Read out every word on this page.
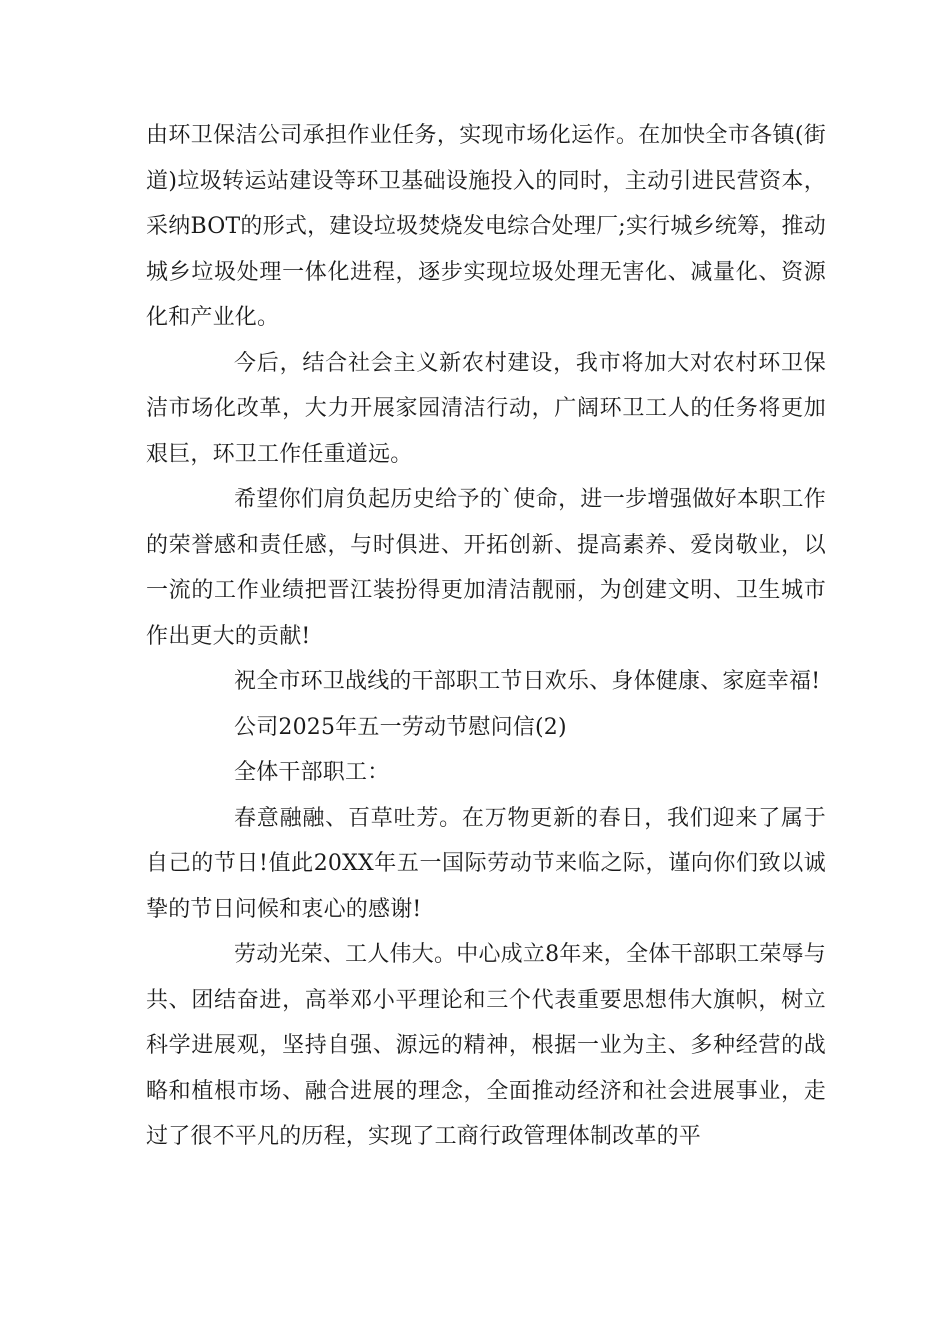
由环卫保洁公司承担作业任务，实现市场化运作。在加快全市各镇(街道)垃圾转运站建设等环卫基础设施投入的同时，主动引进民营资本，采纳BOT的形式，建设垃圾焚烧发电综合处理厂;实行城乡统筹，推动城乡垃圾处理一体化进程，逐步实现垃圾处理无害化、减量化、资源化和产业化。

今后，结合社会主义新农村建设，我市将加大对农村环卫保洁市场化改革，大力开展家园清洁行动，广阔环卫工人的任务将更加艰巨，环卫工作任重道远。

希望你们肩负起历史给予的`使命，进一步增强做好本职工作的荣誉感和责任感，与时俱进、开拓创新、提高素养、爱岗敬业，以一流的工作业绩把晋江装扮得更加清洁靓丽，为创建文明、卫生城市作出更大的贡献!

祝全市环卫战线的干部职工节日欢乐、身体健康、家庭幸福!

公司2025年五一劳动节慰问信(2)

全体干部职工：

春意融融、百草吐芳。在万物更新的春日，我们迎来了属于自己的节日!值此20XX年五一国际劳动节来临之际，谨向你们致以诚挚的节日问候和衷心的感谢!

劳动光荣、工人伟大。中心成立8年来，全体干部职工荣辱与共、团结奋进，高举邓小平理论和三个代表重要思想伟大旗帜，树立科学进展观，坚持自强、源远的精神，根据一业为主、多种经营的战略和植根市场、融合进展的理念，全面推动经济和社会进展事业，走过了很不平凡的历程，实现了工商行政管理体制改革的平
